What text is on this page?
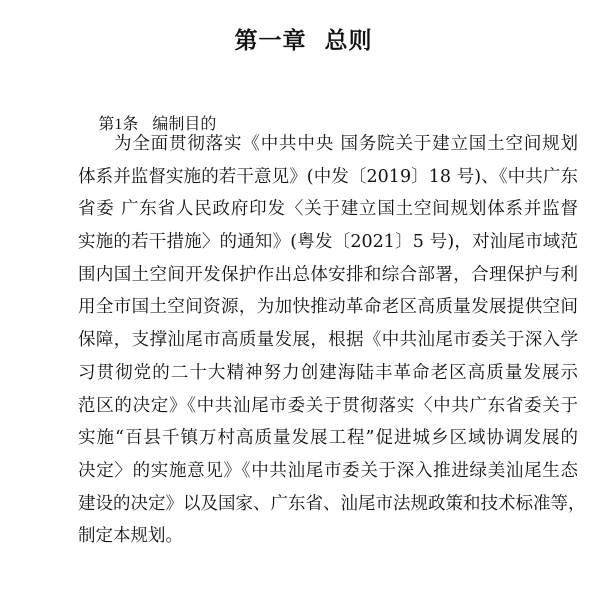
第一章  总则

第1条 编制目的

为全面贯彻落实《中共中央 国务院关于建立国土空间规划
体系并监督实施的若干意见》(中发〔2019〕18 号)、《中共广东
省委 广东省人民政府印发〈关于建立国土空间规划体系并监督
实施的若干措施〉的通知》(粤发〔2021〕5 号)，对汕尾市域范
围内国土空间开发保护作出总体安排和综合部署，合理保护与利
用全市国土空间资源，为加快推动革命老区高质量发展提供空间
保障，支撑汕尾市高质量发展，根据《中共汕尾市委关于深入学
习贯彻党的二十大精神努力创建海陆丰革命老区高质量发展示
范区的决定》《中共汕尾市委关于贯彻落实〈中共广东省委关于
实施“百县千镇万村高质量发展工程”促进城乡区域协调发展的
决定〉的实施意见》《中共汕尾市委关于深入推进绿美汕尾生态
建设的决定》以及国家、广东省、汕尾市法规政策和技术标准等，
制定本规划。
